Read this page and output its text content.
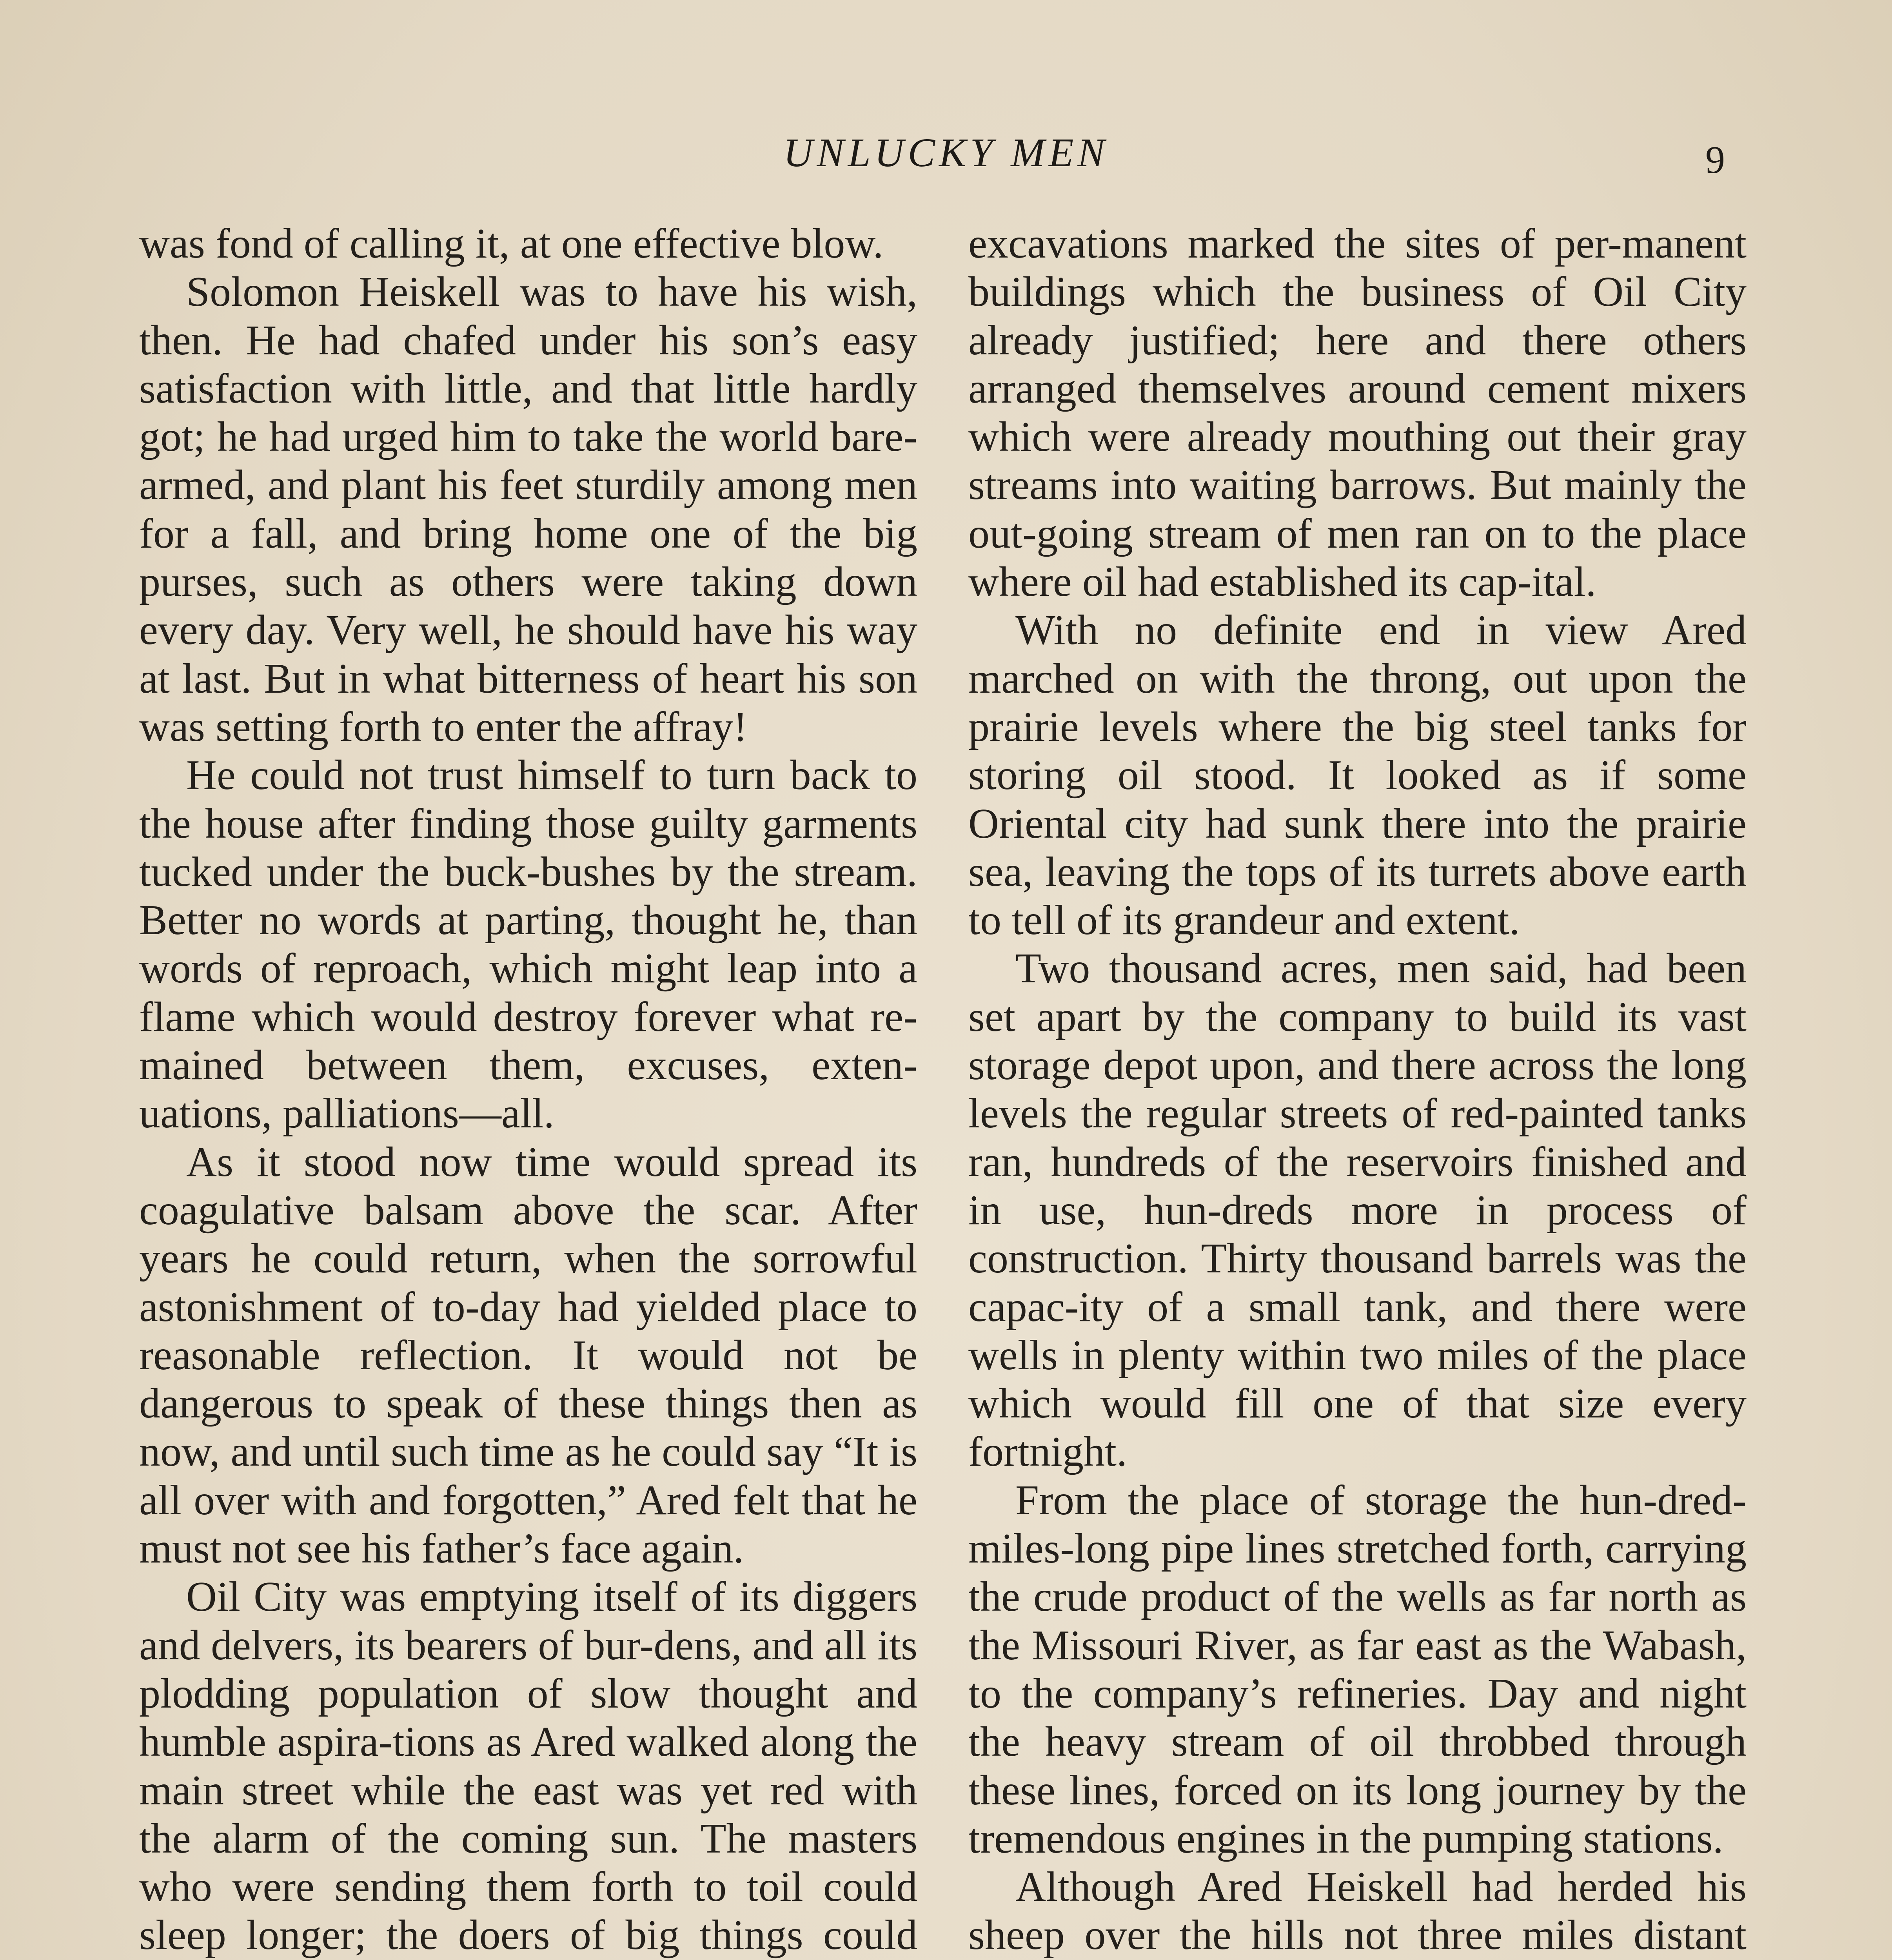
UNLUCKY MEN	9

was fond of calling it, at one effective blow.

Solomon Heiskell was to have his wish, then. He had chafed under his son’s easy satisfaction with little, and that little hardly got; he had urged him to take the world bare-armed, and plant his feet sturdily among men for a fall, and bring home one of the big purses, such as others were taking down every day. Very well, he should have his way at last. But in what bitterness of heart his son was setting forth to enter the affray!

He could not trust himself to turn back to the house after finding those guilty garments tucked under the buck-bushes by the stream. Better no words at parting, thought he, than words of reproach, which might leap into a flame which would destroy forever what re-mained between them, excuses, exten-uations, palliations—all.

As it stood now time would spread its coagulative balsam above the scar. After years he could return, when the sorrowful astonishment of to-day had yielded place to reasonable reflection. It would not be dangerous to speak of these things then as now, and until such time as he could say “It is all over with and forgotten,” Ared felt that he must not see his father’s face again.

Oil City was emptying itself of its diggers and delvers, its bearers of bur-dens, and all its plodding population of slow thought and humble aspira-tions as Ared walked along the main street while the east was yet red with the alarm of the coming sun. The masters who were sending them forth to toil could sleep longer; the doers of big things could

excavations marked the sites of per-manent buildings which the business of Oil City already justified; here and there others arranged themselves around cement mixers which were already mouthing out their gray streams into waiting barrows. But mainly the out-going stream of men ran on to the place where oil had established its cap-ital.

With no definite end in view Ared marched on with the throng, out upon the prairie levels where the big steel tanks for storing oil stood. It looked as if some Oriental city had sunk there into the prairie sea, leaving the tops of its turrets above earth to tell of its grandeur and extent.

Two thousand acres, men said, had been set apart by the company to build its vast storage depot upon, and there across the long levels the regular streets of red-painted tanks ran, hundreds of the reservoirs finished and in use, hun-dreds more in process of construction. Thirty thousand barrels was the capac-ity of a small tank, and there were wells in plenty within two miles of the place which would fill one of that size every fortnight.

From the place of storage the hun-dred-miles-long pipe lines stretched forth, carrying the crude product of the wells as far north as the Missouri River, as far east as the Wabash, to the company’s refineries. Day and night the heavy stream of oil throbbed through these lines, forced on its long journey by the tremendous engines in the pumping stations.

Although Ared Heiskell had herded his sheep over the hills not three miles distant
